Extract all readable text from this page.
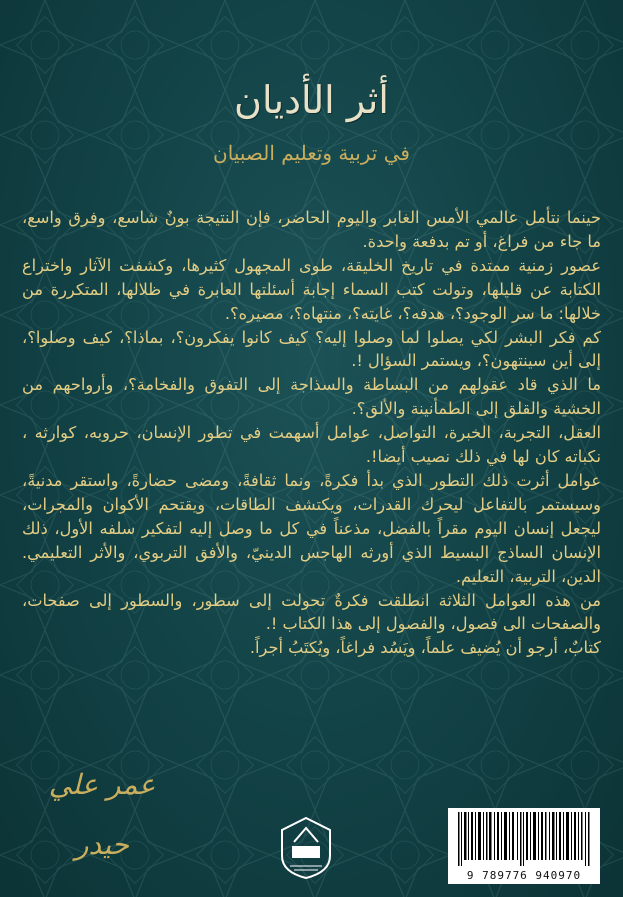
أثر الأديان
في تربية وتعليم الصبيان

حينما نتأمل عالمي الأمس الغابر واليوم الحاضر، فإن النتيجة بونٌ شاسع، وفرق واسع، ما جاء من فراغ، أو تم بدفعة واحدة.

عصور زمنية ممتدة في تاريخ الخليقة، طوى المجهول كثيرها، وكشفت الآثار واختراع الكتابة عن قليلها، وتولت كتب السماء إجابة أسئلتها العابرة في ظلالها، المتكررة من خلالها: ما سر الوجود؟، هدفه؟، غايته؟، منتهاه؟، مصيره؟.

كم فكر البشر لكي يصلوا لما وصلوا إليه؟ كيف كانوا يفكرون؟، بماذا؟، كيف وصلوا؟، إلى أين سينتهون؟، ويستمر السؤال !.

ما الذي قاد عقولهم من البساطة والسذاجة إلى التفوق والفخامة؟، وأرواحهم من الخشية والقلق إلى الطمأنينة والألق؟.

العقل، التجربة، الخبرة، التواصل، عوامل أسهمت في تطور الإنسان، حروبه، كوارثه ، نكباته كان لها في ذلك نصيب أيضا!.

عوامل أثرت ذلك التطور الذي بدأ فكرةً، ونما ثقافةً، ومضى حضارةً، واستقر مدنيةً، وسيستمر بالتفاعل ليحرك القدرات، ويكتشف الطاقات، ويقتحم الأكوان والمجرات، ليجعل إنسان اليوم مقراً بالفضل، مذعناً في كل ما وصل إليه لتفكير سلفه الأول، ذلك الإنسان الساذج البسيط الذي أورثه الهاجس الدينيّ، والأفق التربوي، والأثر التعليمي. الدين، التربية، التعليم.

من هذه العوامل الثلاثة انطلقت فكرةٌ تحولت إلى سطور، والسطور إلى صفحات، والصفحات الى فصول، والفصول إلى هذا الكتاب !.

كتابٌ، أرجو أن يُضيف علماً، ويَسُد فراغاً، ويُكتَبُ أجراً.

عمر علي حيدر
9 789776 940970
